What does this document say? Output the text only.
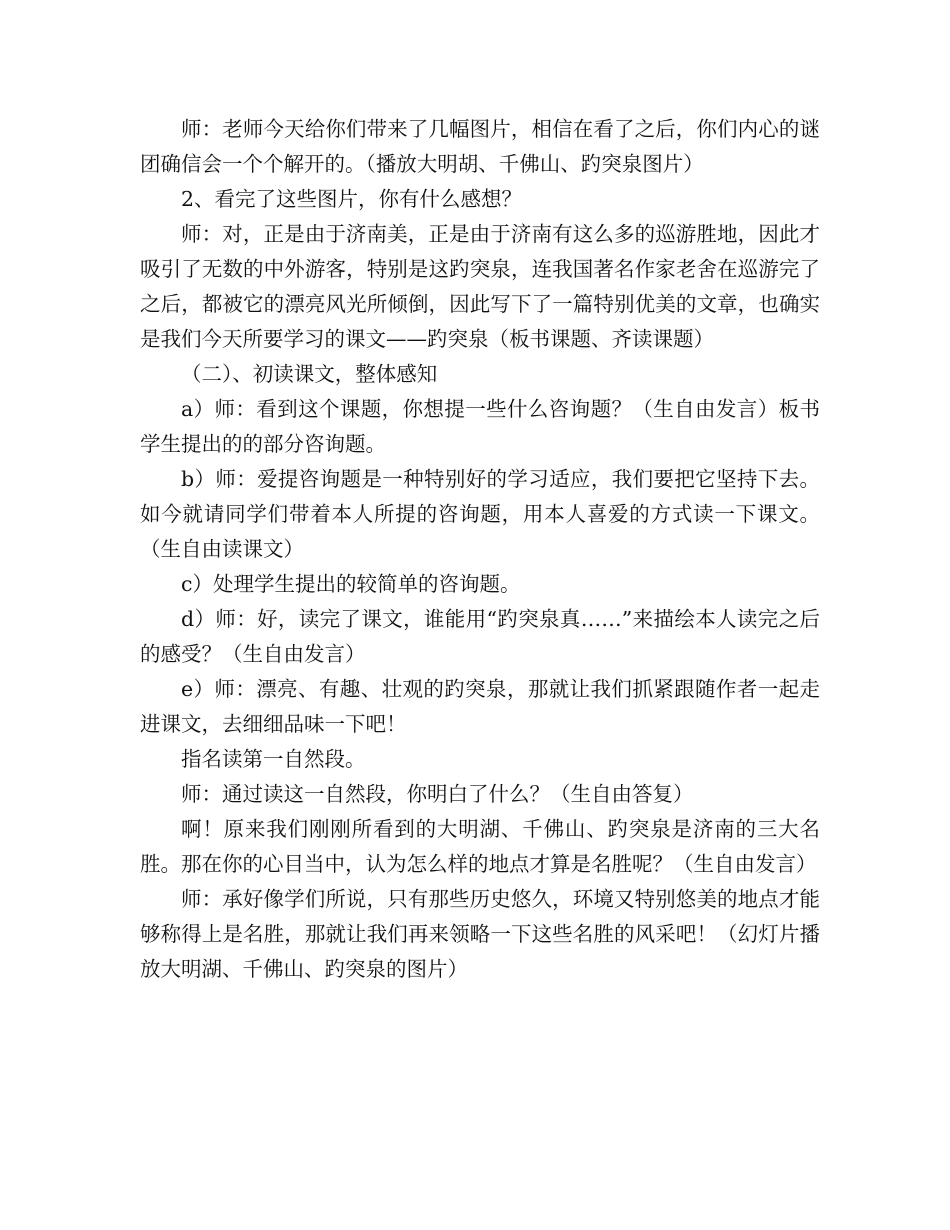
师：老师今天给你们带来了几幅图片，相信在看了之后，你们内心的谜团确信会一个个解开的。（播放大明胡、千佛山、趵突泉图片）

2、看完了这些图片，你有什么感想？

师：对，正是由于济南美，正是由于济南有这么多的巡游胜地，因此才吸引了无数的中外游客，特别是这趵突泉，连我国著名作家老舍在巡游完了之后，都被它的漂亮风光所倾倒，因此写下了一篇特别优美的文章，也确实是我们今天所要学习的课文——趵突泉（板书课题、齐读课题）

（二）、初读课文，整体感知

a）师：看到这个课题，你想提一些什么咨询题？（生自由发言）板书学生提出的的部分咨询题。

b）师：爱提咨询题是一种特别好的学习适应，我们要把它坚持下去。如今就请同学们带着本人所提的咨询题，用本人喜爱的方式读一下课文。（生自由读课文）

c）处理学生提出的较简单的咨询题。

d）师：好，读完了课文，谁能用“趵突泉真……”来描绘本人读完之后的感受？（生自由发言）

e）师：漂亮、有趣、壮观的趵突泉，那就让我们抓紧跟随作者一起走进课文，去细细品味一下吧！

指名读第一自然段。

师：通过读这一自然段，你明白了什么？（生自由答复）

啊！原来我们刚刚所看到的大明湖、千佛山、趵突泉是济南的三大名胜。那在你的心目当中，认为怎么样的地点才算是名胜呢？（生自由发言）

师：承好像学们所说，只有那些历史悠久，环境又特别悠美的地点才能够称得上是名胜，那就让我们再来领略一下这些名胜的风采吧！（幻灯片播放大明湖、千佛山、趵突泉的图片）
